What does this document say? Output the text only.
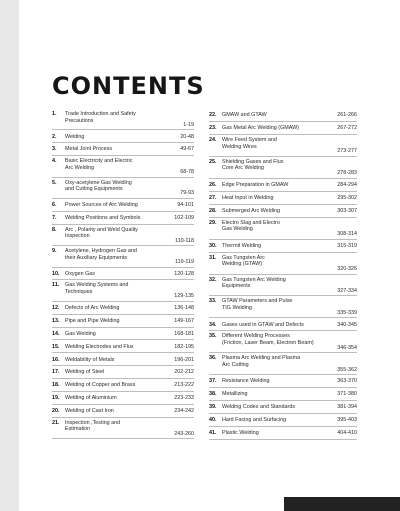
CONTENTS
1. Trade Introduction and Safety
Precautions
1-19
2. Welding	20-48
3. Metal Joint Process	49-67
4. Basic Electricity and Electric
Arc Welding
68-78
5. Oxy-acetylene Gas Welding
and Cutting Equipments
79-93
6. Power Sources of Arc Welding	94-101
7. Welding Positions and Symbols	102-109
8. Arc , Polarity and Weld Quality
Inspection
110-118
9. Acetylene, Hydrogen Gas and
their Auxiliary Equipments
119-119
10. Oxygen Gas	120-128
11. Gas Welding Systems and
Techniques
129-135
12. Defects of Arc Welding	136-148
13. Pipe and Pipe Welding	149-167
14. Gas Welding	168-181
15. Welding Electrodes and Flux	182-195
16. Weldability of Metals	196-201
17. Welding of Steel	202-212
18. Welding of Copper and Brass	213-222
19. Welding of Aluminium	223-233
20. Welding of Cast Iron	234-242
21. Inspection ,Testing and
Estimation
243-260
22. GMAW and GTAW	261-266
23. Gas Metal Arc Welding (GMAW)	267-272
24. Wire Feed System and
Welding Wires
273-277
25. Shielding Gases and Flux
Core Arc Welding
278-283
26. Edge Preparation in GMAW	284-294
27. Heat Input in Welding	295-302
28. Submerged Arc Welding	303-307
29. Electro Slag and Electro
Gas Welding
308-314
30. Thermit Welding	315-319
31. Gas Tungsten Arc
Welding (GTAW)
320-326
32. Gas Tungsten Arc Welding
Equipments
327-334
33. GTAW Parameters and Pulse
TIG Welding
335-339
34. Gases used in GTAW and Defects	340-345
35. Different Welding Processes
(Friction, Laser Beam, Electron Beam)
346-354
36. Plasma Arc Welding and Plasma
Arc Cutting
355-362
37. Resistance Welding	363-370
38. Metallizing	371-380
39. Welding Codes and Standards	381-394
40. Hard Facing and Surfacing	395-403
41. Plastic Welding	404-410
